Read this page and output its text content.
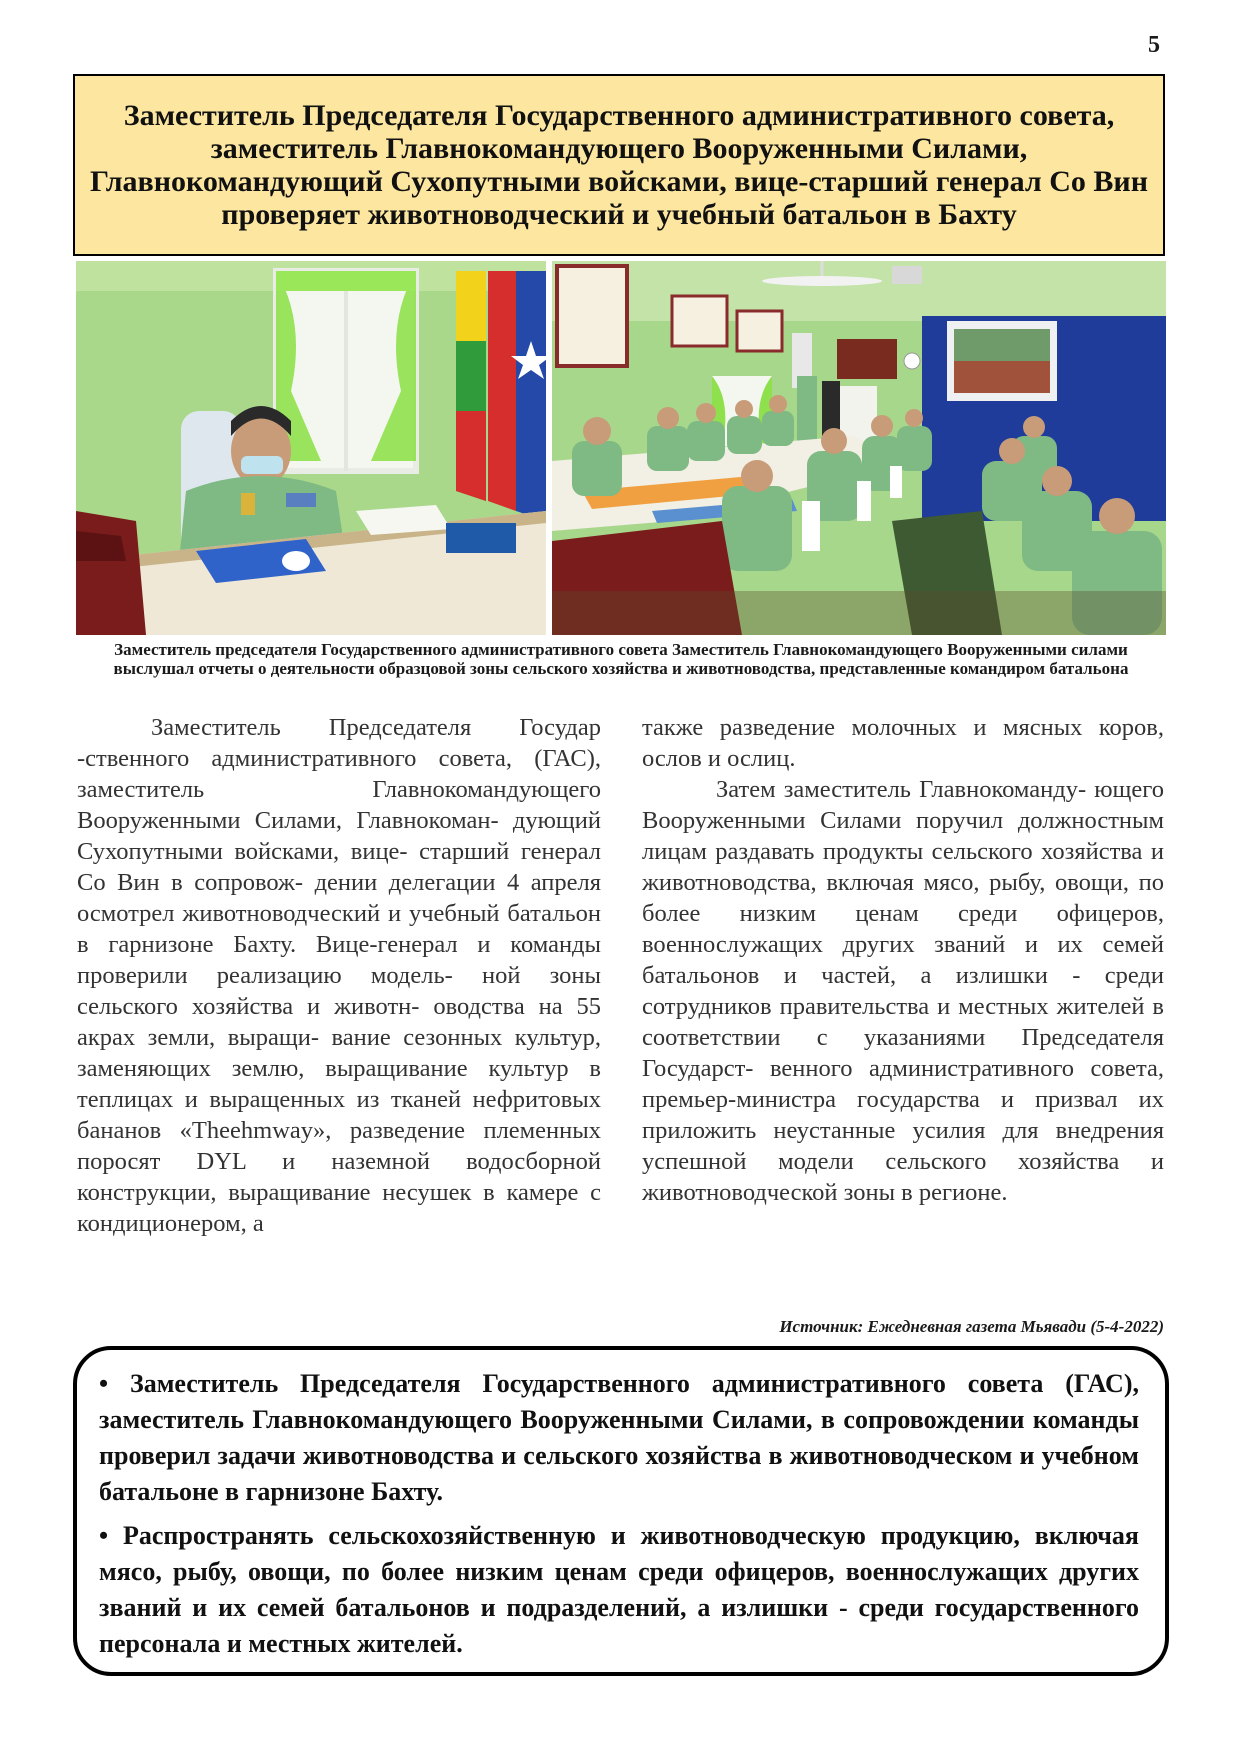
5
Заместитель Председателя Государственного административного совета, заместитель Главнокомандующего Вооруженными Силами, Главнокомандующий Сухопутными войсками, вице-старший генерал Со Вин проверяет животноводческий и учебный батальон в Бахту
Заместитель председателя Государственного административного совета Заместитель Главнокомандующего Вооруженными силами выслушал отчеты о деятельности образцовой зоны сельского хозяйства и животноводства, представленные командиром батальона

Заместитель Председателя Государ -ственного административного совета, (ГАС), заместитель Главнокомандующего Вооруженными Силами, Главнокоман- дующий Сухопутными войсками, вице- старший генерал Со Вин в сопровож- дении делегации 4 апреля осмотрел животноводческий и учебный батальон в гарнизоне Бахту. Вице-генерал и команды проверили реализацию модель- ной зоны сельского хозяйства и животн- оводства на 55 акрах земли, выращи- вание сезонных культур, заменяющих землю, выращивание культур в теплицах и выращенных из тканей нефритовых бананов «Theehmway», разведение племенных поросят DYL и наземной водосборной конструкции, выращивание несушек в камере с кондиционером, а

также разведение молочных и мясных коров, ослов и ослиц.

Затем заместитель Главнокоманду- ющего Вооруженными Силами поручил должностным лицам раздавать продукты сельского хозяйства и животноводства, включая мясо, рыбу, овощи, по более низким ценам среди офицеров, военнослужащих других званий и их семей батальонов и частей, а излишки - среди сотрудников правительства и местных жителей в соответствии с указаниями Председателя Государст- венного административного совета, премьер-министра государства и призвал их приложить неустанные усилия для внедрения успешной модели сельского хозяйства и животноводческой зоны в регионе.

Источник: Ежедневная газета Мьявади (5-4-2022)

• Заместитель Председателя Государственного административного совета (ГАС), заместитель Главнокомандующего Вооруженными Силами, в сопровождении команды проверил задачи животноводства и сельского хозяйства в животноводческом и учебном батальоне в гарнизоне Бахту.

• Распространять сельскохозяйственную и животноводческую продукцию, включая мясо, рыбу, овощи, по более низким ценам среди офицеров, военнослужащих других званий и их семей батальонов и подразделений, а излишки - среди государственного персонала и местных жителей.
